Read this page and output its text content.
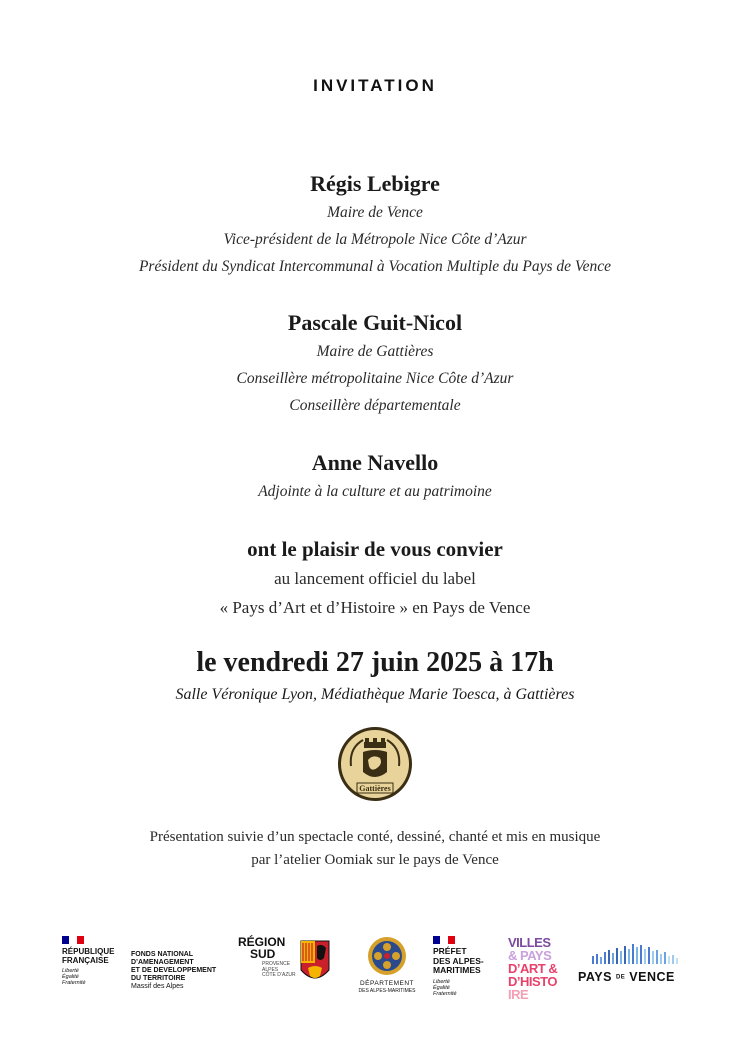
INVITATION
Régis Lebigre
Maire de Vence
Vice-président de la Métropole Nice Côte d’Azur
Président du Syndicat Intercommunal à Vocation Multiple du Pays de Vence
Pascale Guit-Nicol
Maire de Gattières
Conseillère métropolitaine Nice Côte d’Azur
Conseillère départementale
Anne Navello
Adjointe à la culture et au patrimoine
ont le plaisir de vous convier
au lancement officiel du label
« Pays d’Art et d’Histoire » en Pays de Vence
le vendredi 27 juin 2025 à 17h
Salle Véronique Lyon, Médiathèque Marie Toesca, à Gattières
Gattières
Présentation suivie d’un spectacle conté, dessiné, chanté et mis en musique
par l’atelier Oomiak sur le pays de Vence
RÉPUBLIQUE
FRANÇAISE
Liberté
Égalité
Fraternité
FONDS NATIONAL
D’AMENAGEMENT
ET DE DEVELOPPEMENT
DU TERRITOIRE
Massif des Alpes
RÉGION
SUD
PROVENCE
ALPES
CÔTE D’AZUR
DÉPARTEMENT
DES ALPES-MARITIMES
PRÉFET
DES ALPES-
MARITIMES
Liberté
Égalité
Fraternité
VILLES
& PAYS
D’ART &
D’HISTO
IRE
PAYS DE VENCE
